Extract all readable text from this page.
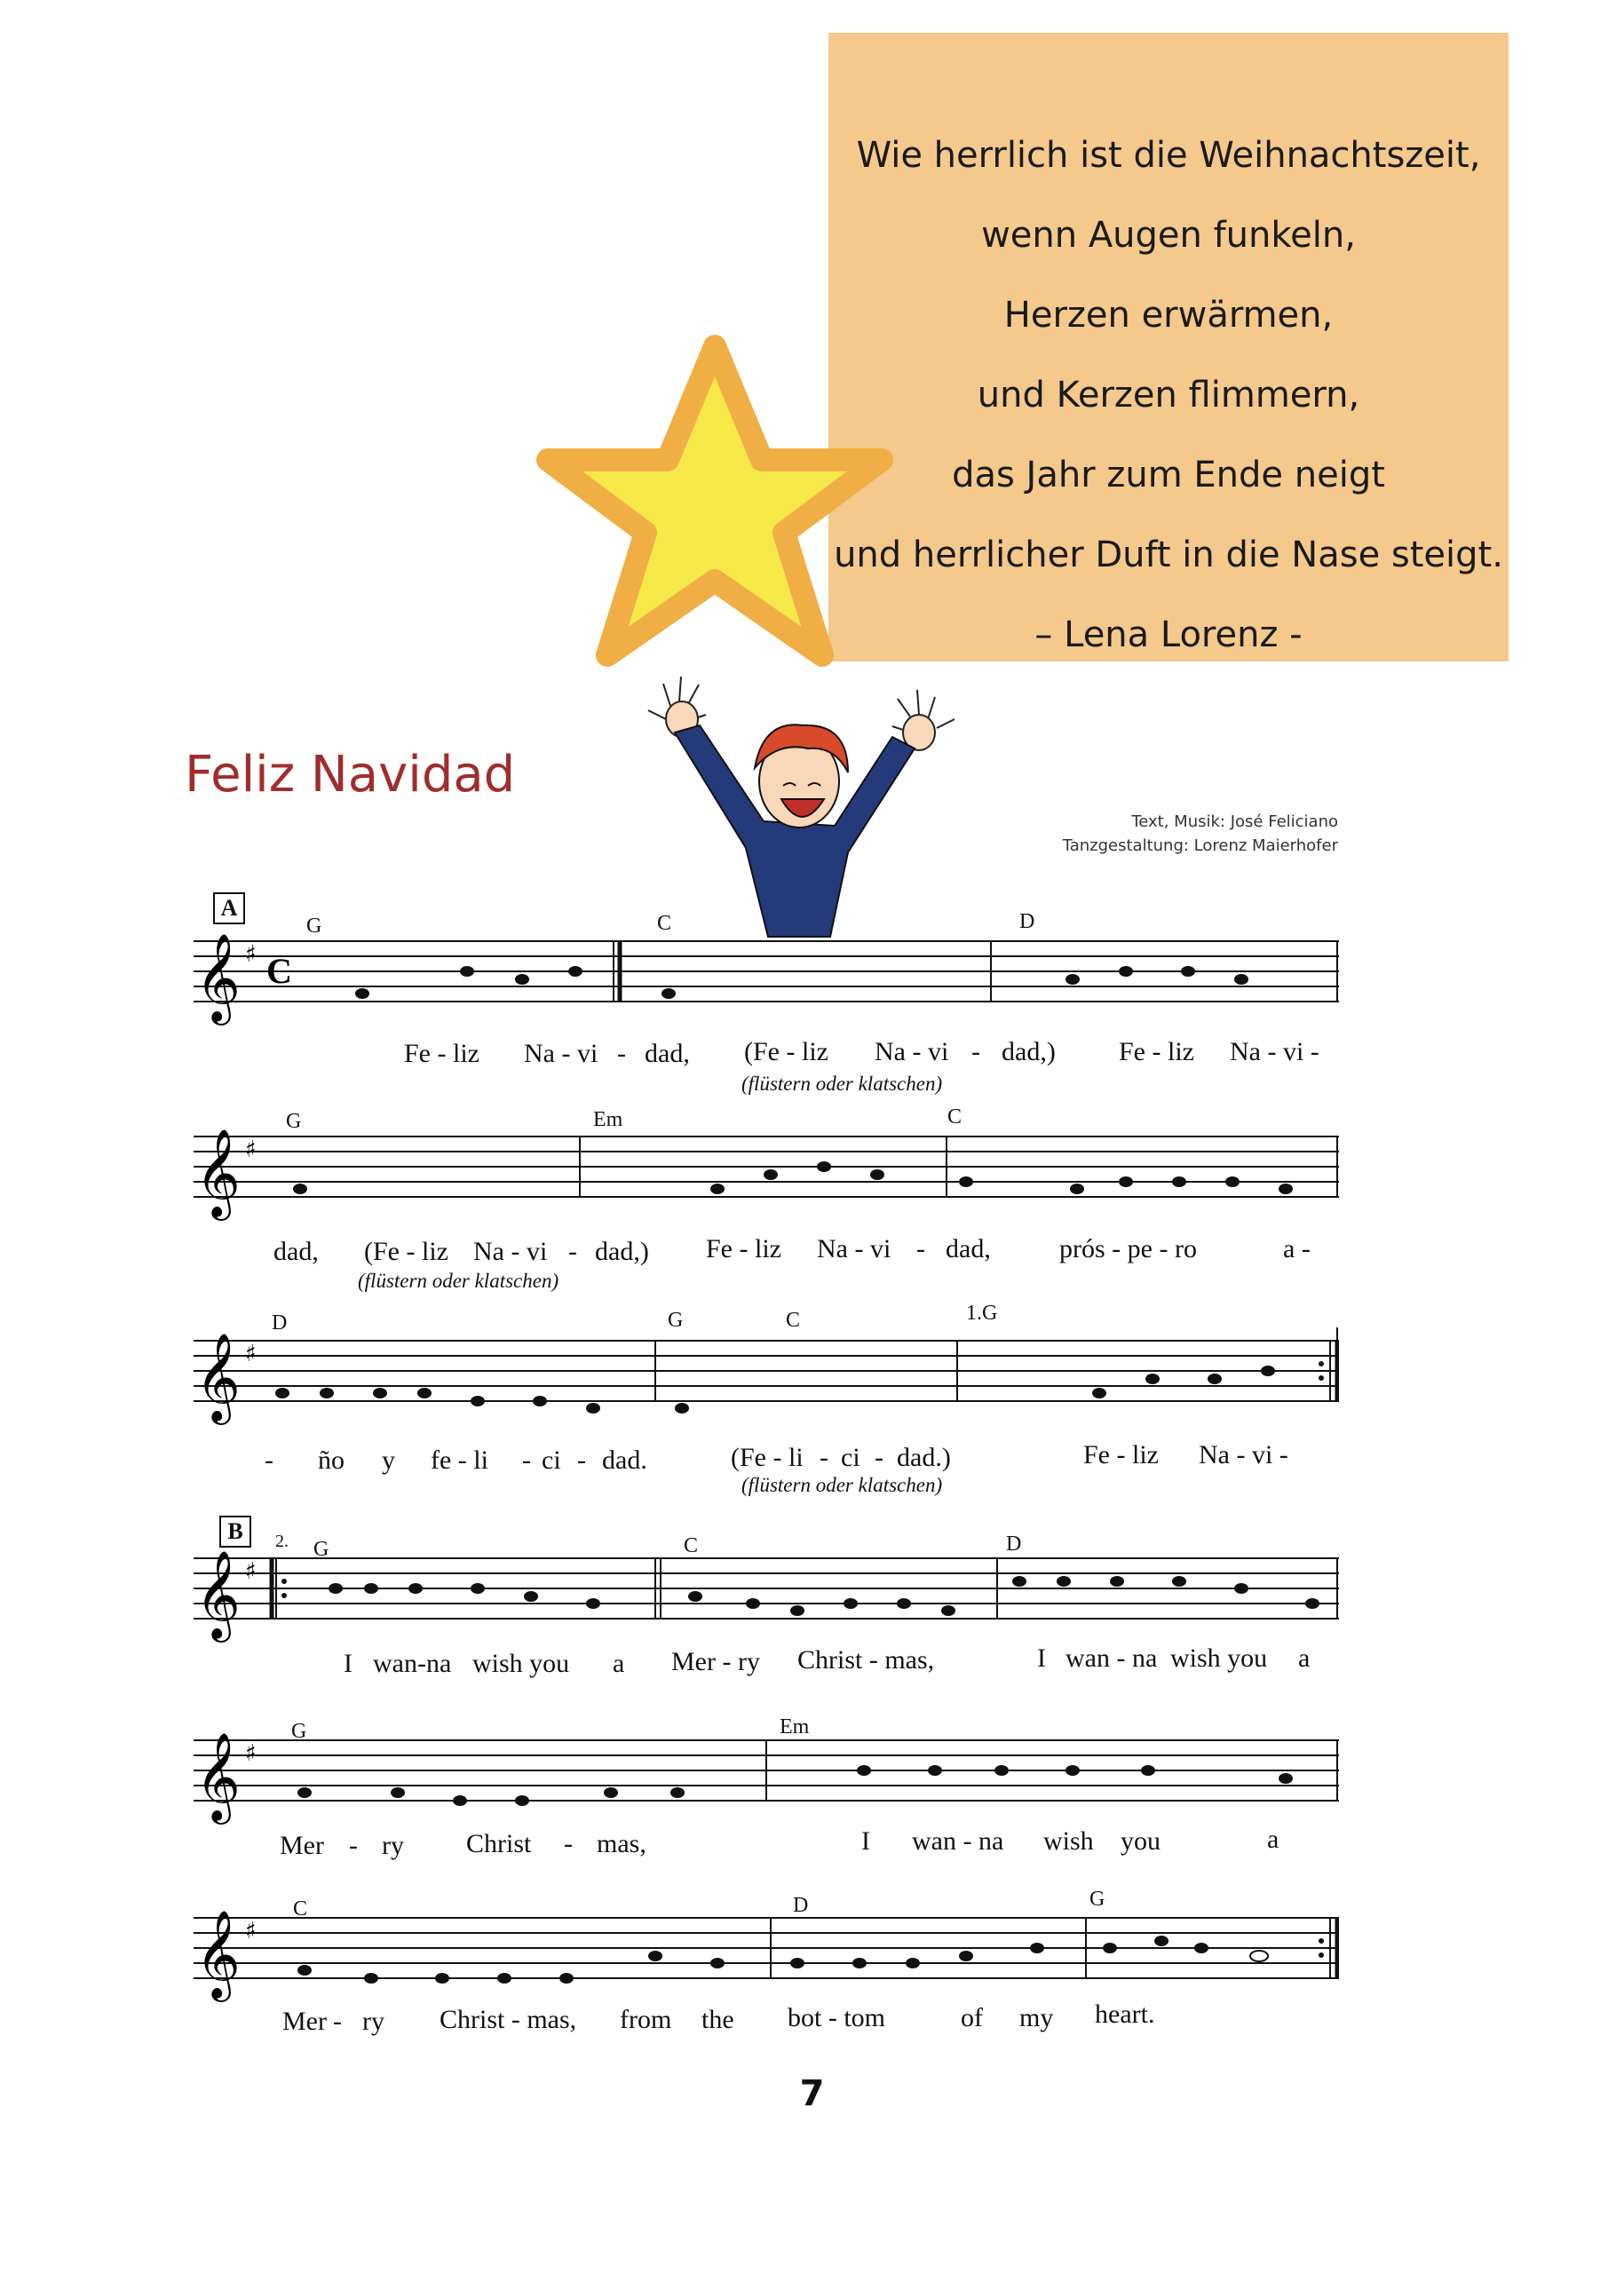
Wie herrlich ist die Weihnachtszeit,
wenn Augen funkeln,
Herzen erwärmen,
und Kerzen flimmern,
das Jahr zum Ende neigt
und herrlicher Duft in die Nase steigt.
– Lena Lorenz -
Feliz Navidad
Text, Musik: José Feliciano
Tanzgestaltung: Lorenz Maierhofer
A
𝄞 ♯ C
G	C	D
Fe - liz Na - vi - dad, (Fe - liz Na - vi - dad,) Fe - liz Na - vi -
(flüstern oder klatschen)
𝄞 ♯
G	Em	C
dad, (Fe - liz Na - vi - dad,) Fe - liz Na - vi - dad,	prós - pe - ro	a -
(flüstern oder klatschen)
𝄞 ♯
D	G	C	1.G
- ño y fe - li - ci - dad.	(Fe - li - ci - dad.)	Fe - liz Na - vi -
(flüstern oder klatschen)
B
𝄞 ♯
2. G	C	D
I wan-na wish you a Mer - ry Christ - mas,	I wan - na wish you a
𝄞 ♯
G	Em
Mer - ry Christ - mas,	I wan - na wish you	a
𝄞 ♯
C	D	G
Mer - ry Christ - mas, from the bot - tom	of my heart.
7
